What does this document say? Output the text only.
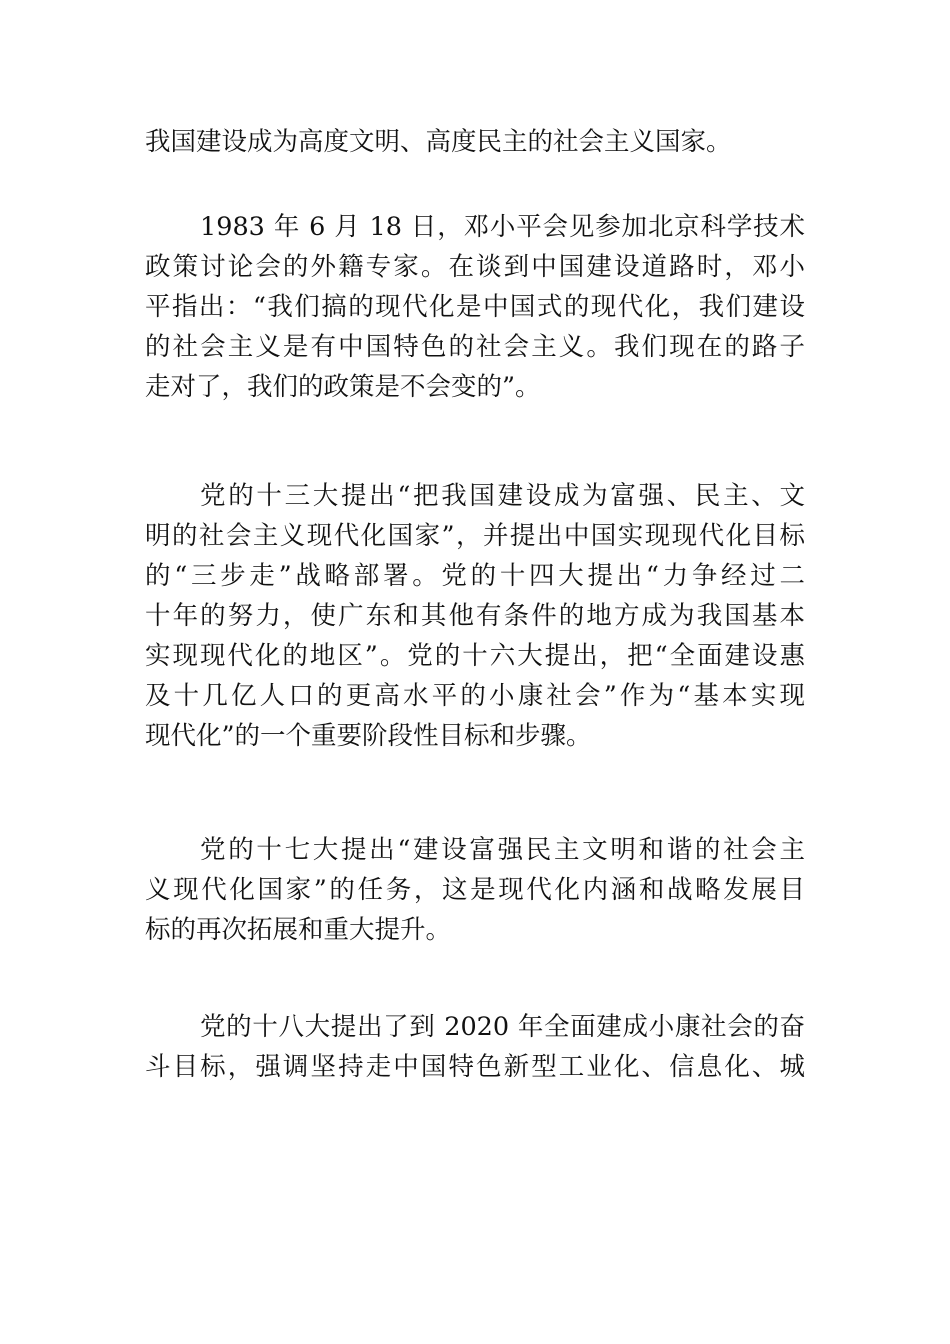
我国建设成为高度文明、高度民主的社会主义国家。
1983 年 6 月 18 日，邓小平会见参加北京科学技术
政策讨论会的外籍专家。在谈到中国建设道路时，邓小
平指出：“我们搞的现代化是中国式的现代化，我们建设
的社会主义是有中国特色的社会主义。我们现在的路子
走对了，我们的政策是不会变的”。
党的十三大提出“把我国建设成为富强、民主、文
明的社会主义现代化国家”，并提出中国实现现代化目标
的“三步走”战略部署。党的十四大提出“力争经过二
十年的努力，使广东和其他有条件的地方成为我国基本
实现现代化的地区”。党的十六大提出，把“全面建设惠
及十几亿人口的更高水平的小康社会”作为“基本实现
现代化”的一个重要阶段性目标和步骤。
党的十七大提出“建设富强民主文明和谐的社会主
义现代化国家”的任务，这是现代化内涵和战略发展目
标的再次拓展和重大提升。
党的十八大提出了到 2020 年全面建成小康社会的奋
斗目标，强调坚持走中国特色新型工业化、信息化、城
